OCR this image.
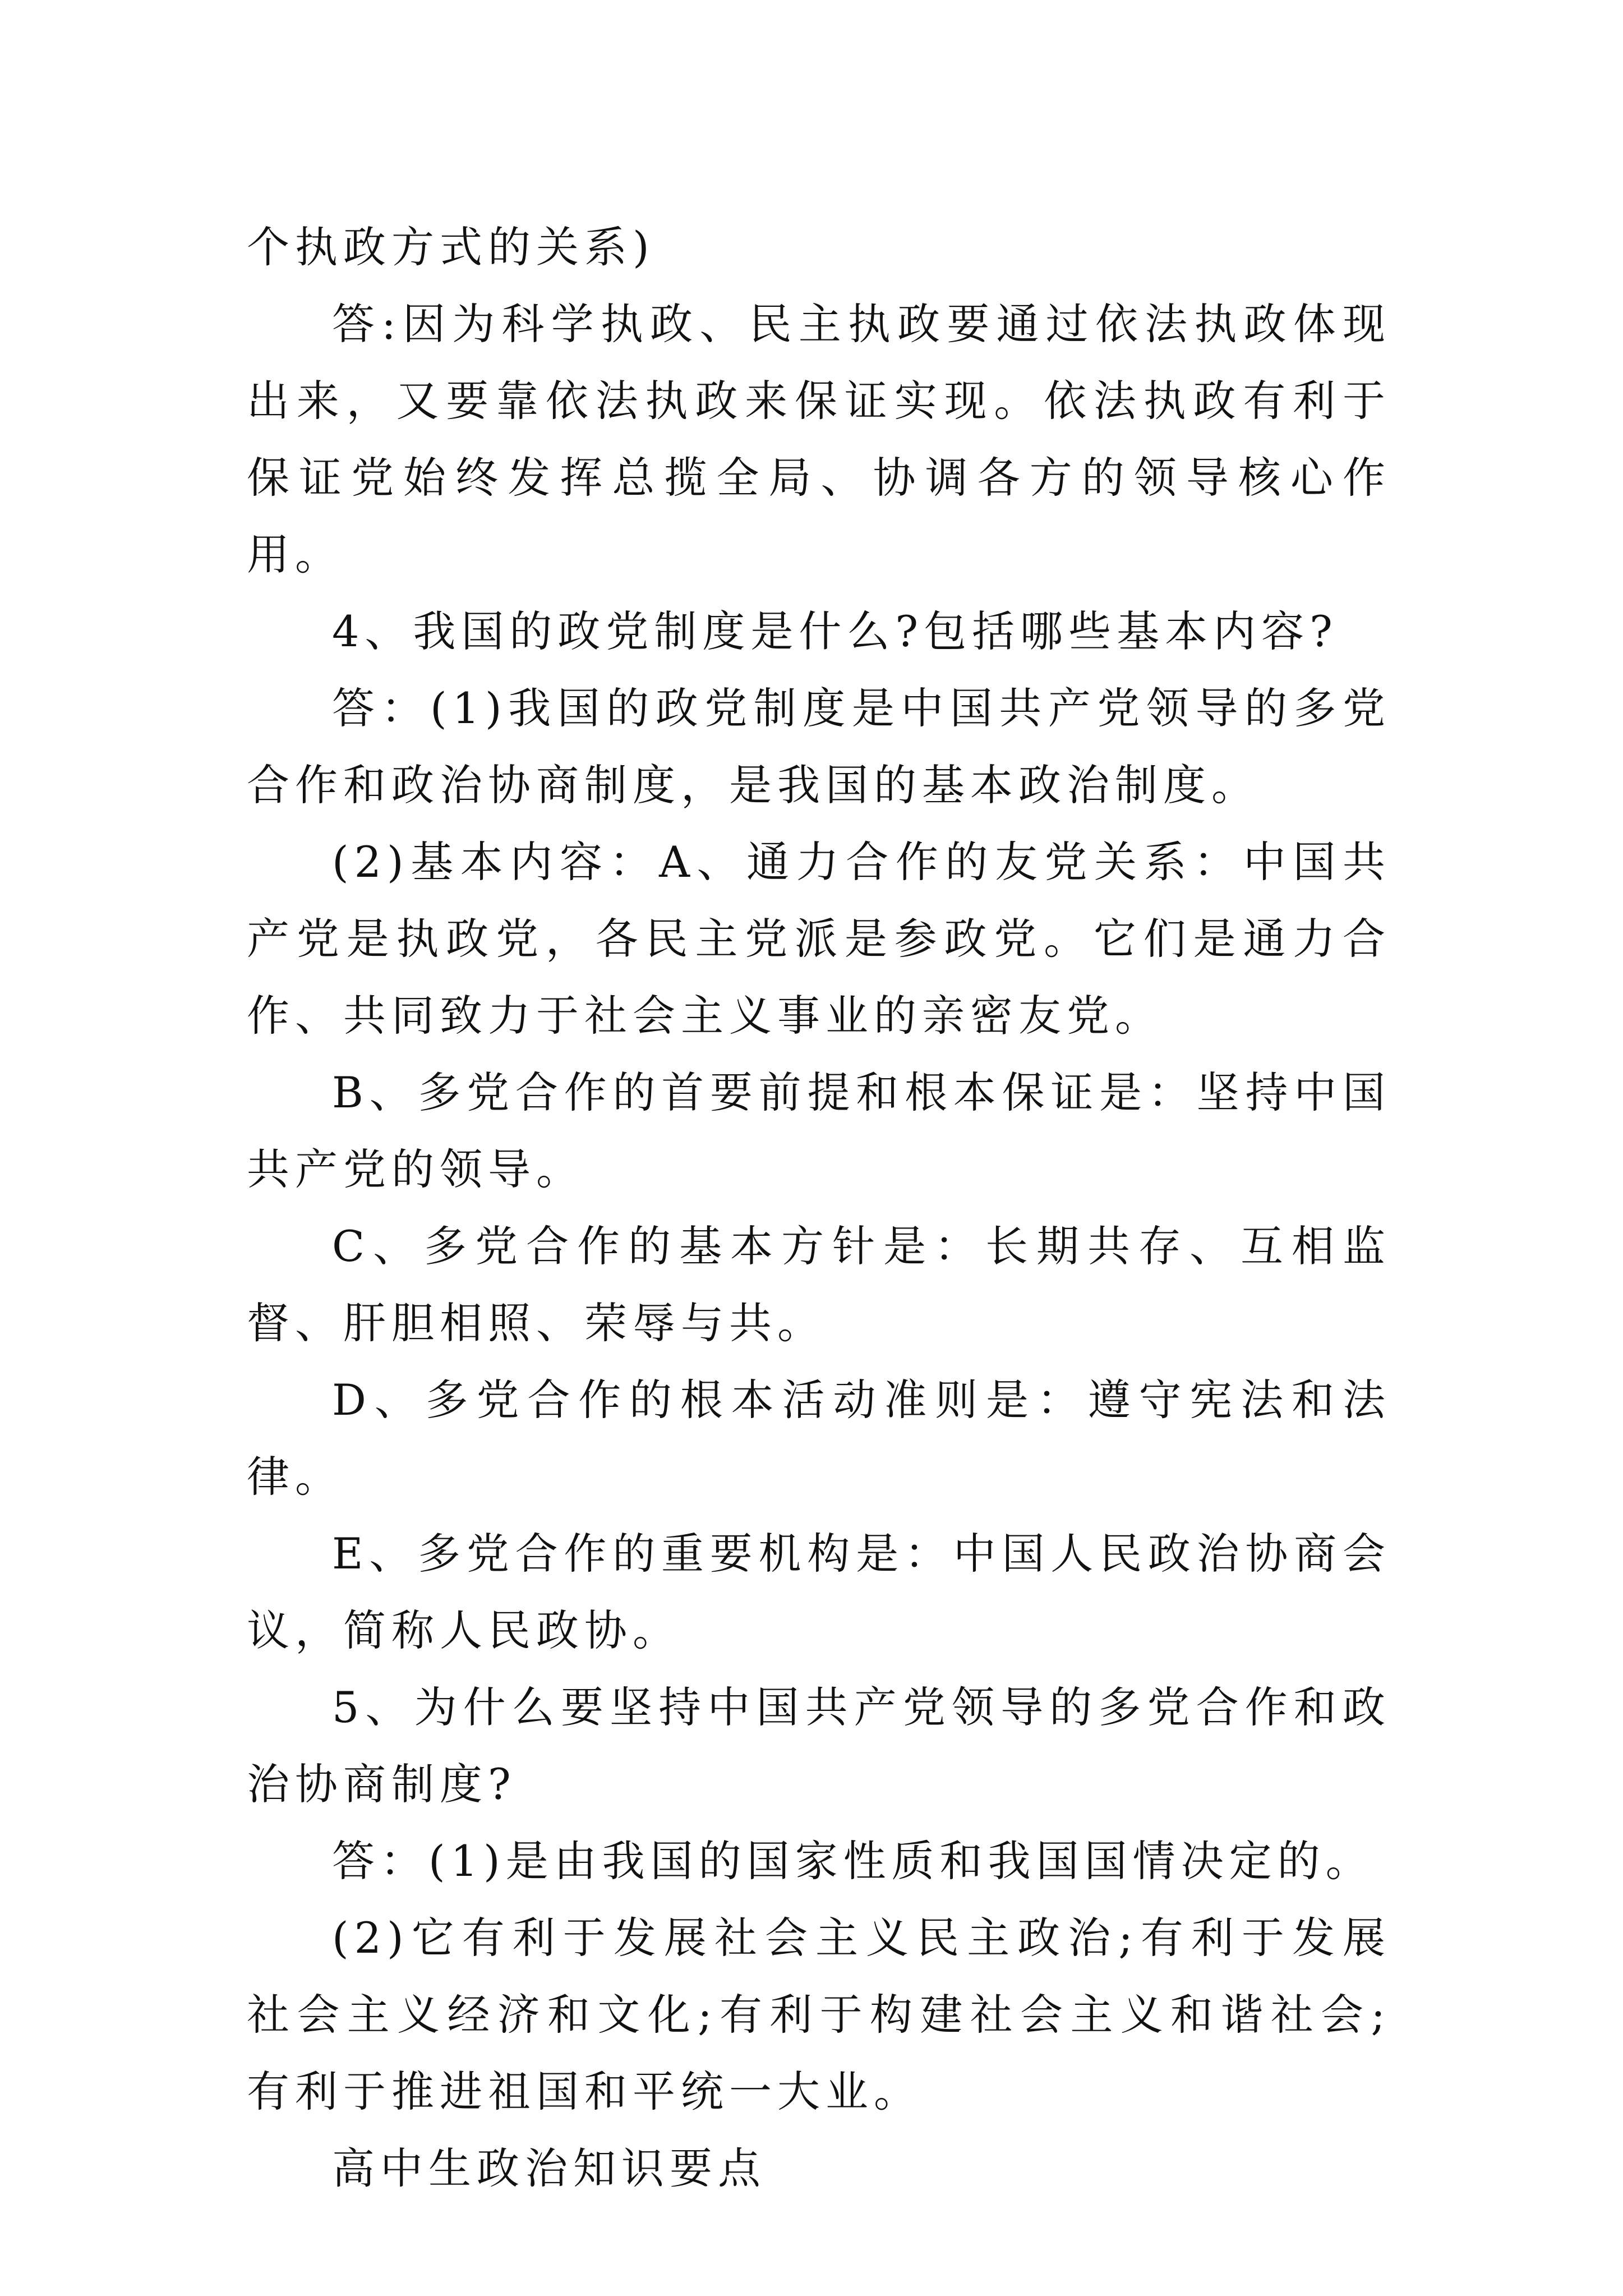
个执政方式的关系)

答:因为科学执政、民主执政要通过依法执政体现出来，又要靠依法执政来保证实现。依法执政有利于保证党始终发挥总揽全局、协调各方的领导核心作用。

4、我国的政党制度是什么?包括哪些基本内容?

答：(1)我国的政党制度是中国共产党领导的多党合作和政治协商制度，是我国的基本政治制度。

(2)基本内容：A、通力合作的友党关系：中国共产党是执政党，各民主党派是参政党。它们是通力合作、共同致力于社会主义事业的亲密友党。

B、多党合作的首要前提和根本保证是：坚持中国共产党的领导。

C、多党合作的基本方针是：长期共存、互相监督、肝胆相照、荣辱与共。

D、多党合作的根本活动准则是：遵守宪法和法律。

E、多党合作的重要机构是：中国人民政治协商会议，简称人民政协。

5、为什么要坚持中国共产党领导的多党合作和政治协商制度?

答：(1)是由我国的国家性质和我国国情决定的。

(2)它有利于发展社会主义民主政治;有利于发展社会主义经济和文化;有利于构建社会主义和谐社会;有利于推进祖国和平统一大业。

高中生政治知识要点
